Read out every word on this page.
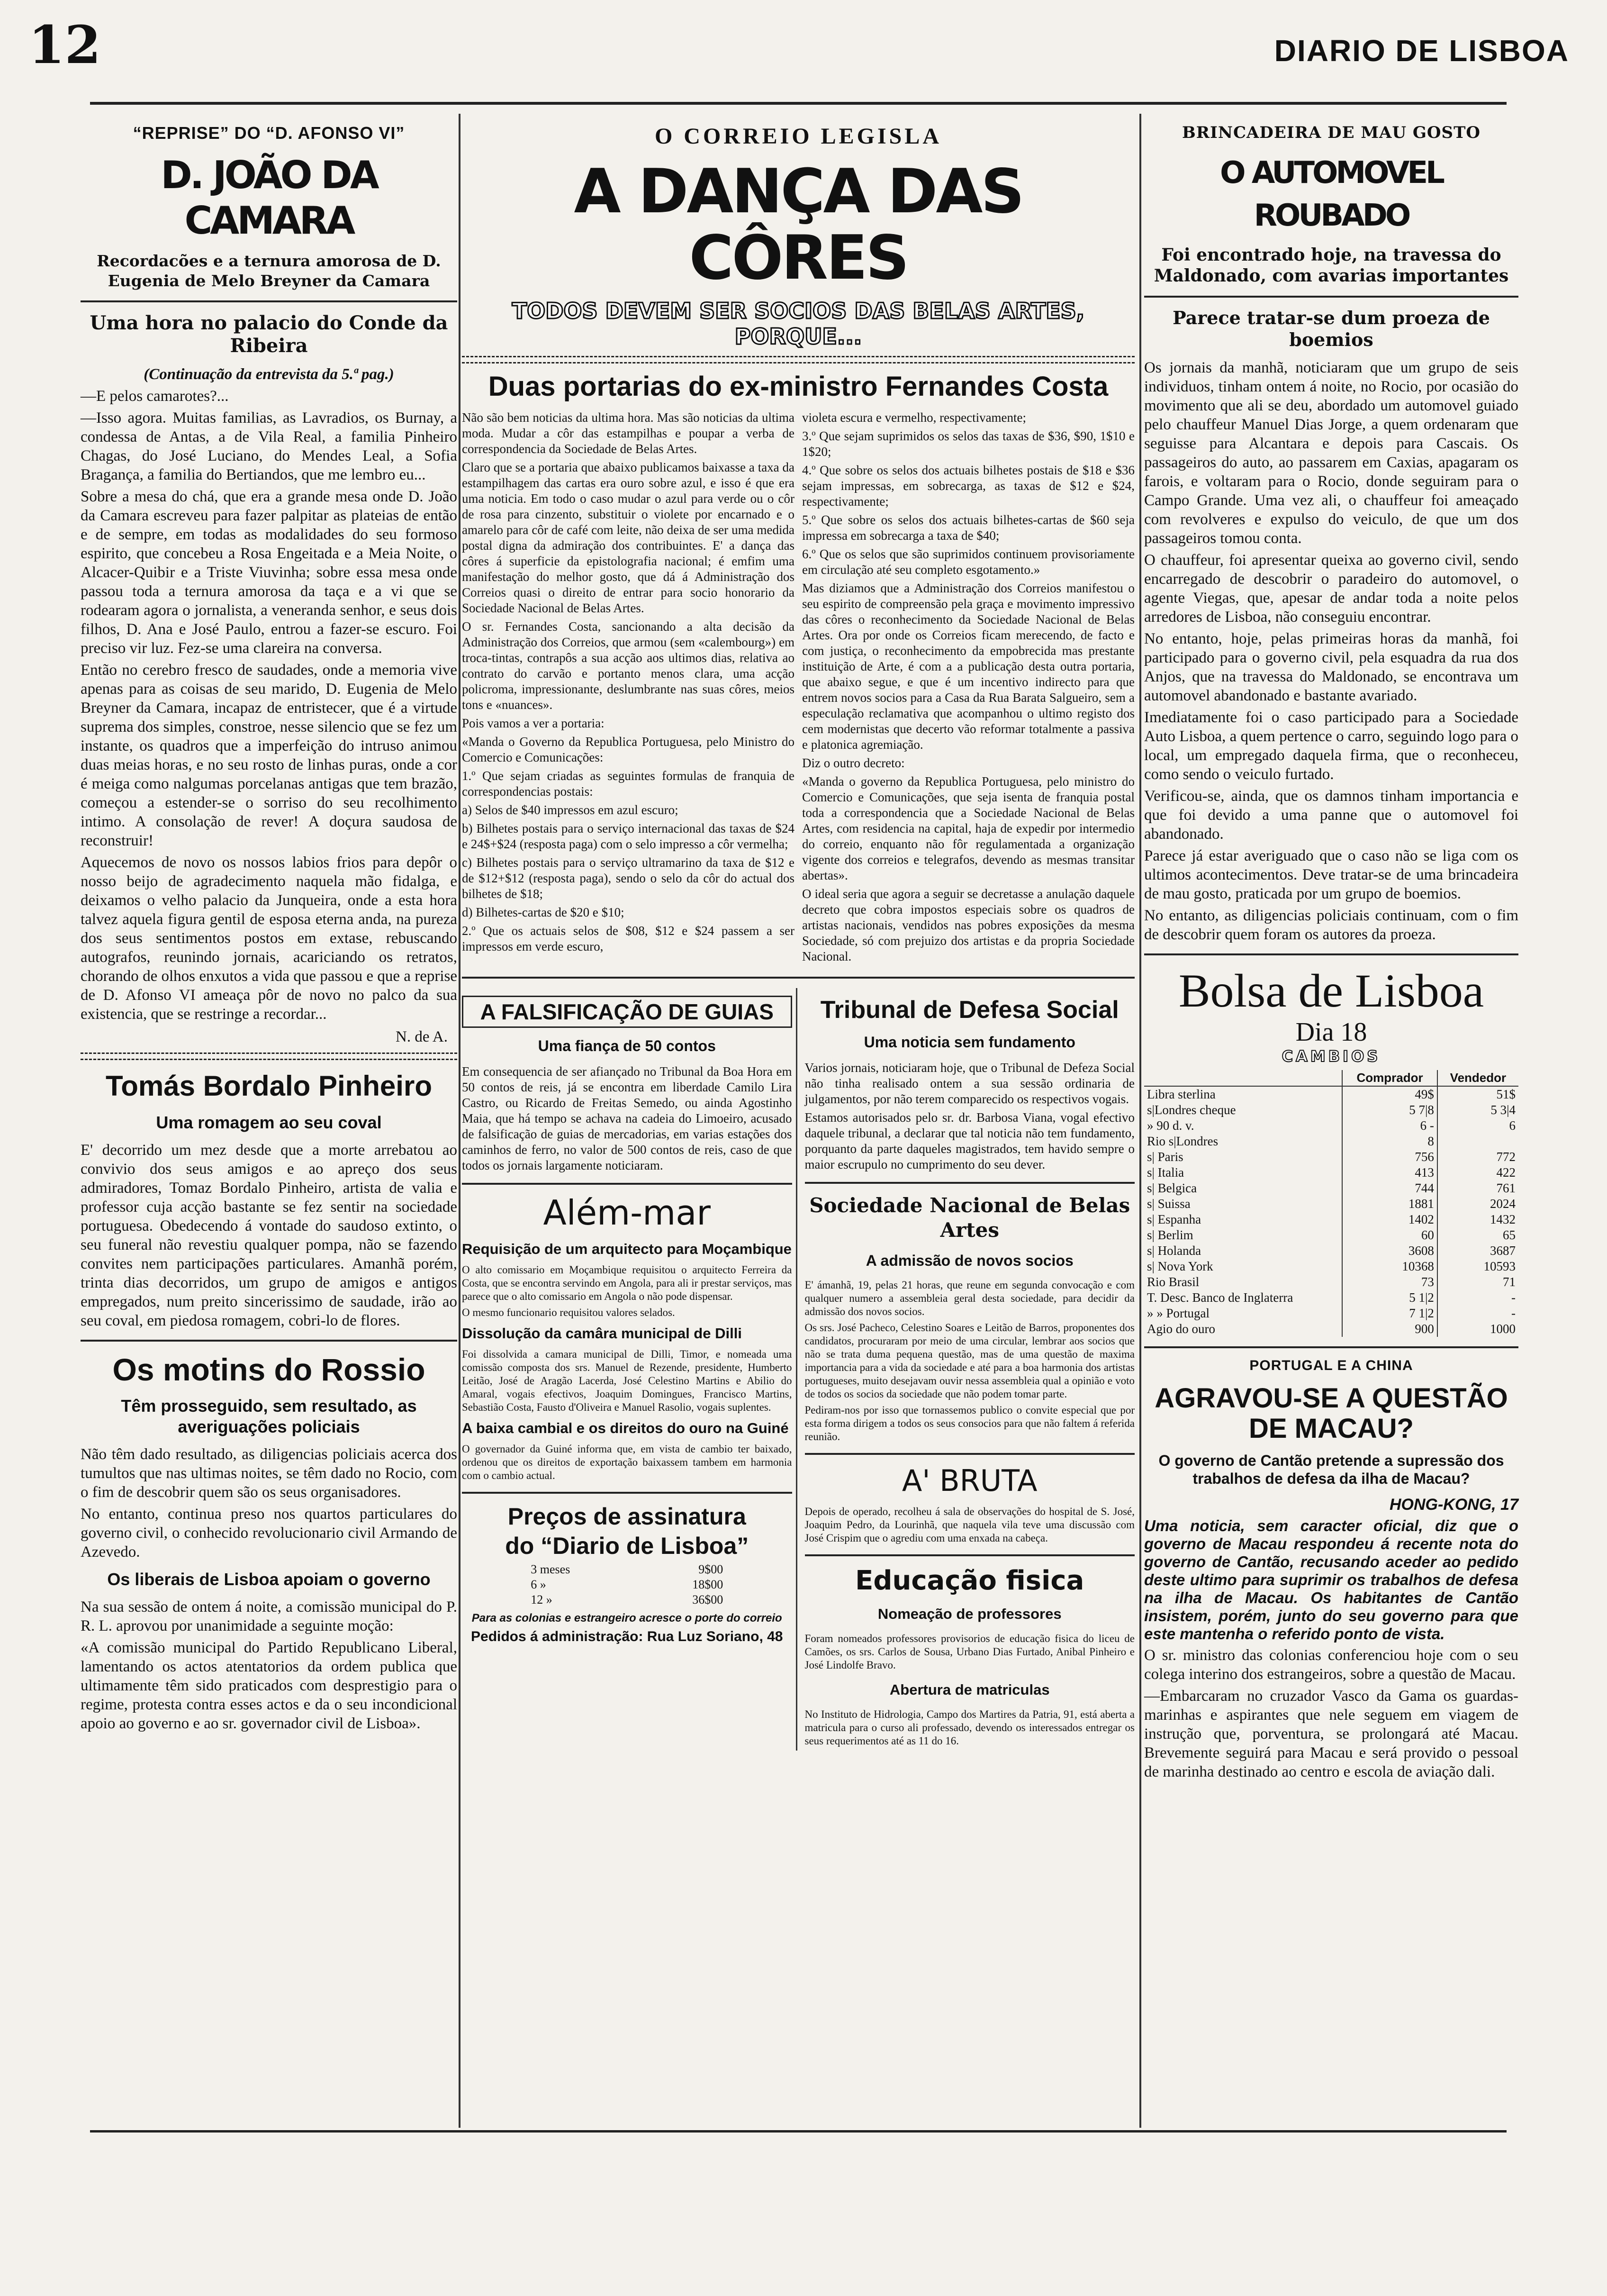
12	DIARIO DE LISBOA
“REPRISE” DO “D. AFONSO VI”
D. JOÃO DA CAMARA
Recordacões e a ternura amorosa de D. Eugenia de Melo Breyner da Camara
Uma hora no palacio do Conde da Ribeira

(Continuação da entrevista da 5.ª pag.)

—E pelos camarotes?...

—Isso agora. Muitas familias, as Lavradios, os Burnay, a condessa de Antas, a de Vila Real, a familia Pinheiro Chagas, do José Luciano, do Mendes Leal, a Sofia Bragança, a familia do Bertiandos, que me lembro eu...

Sobre a mesa do chá, que era a grande mesa onde D. João da Camara escreveu para fazer palpitar as plateias de então e de sempre, em todas as modalidades do seu formoso espirito, que concebeu a Rosa Engeitada e a Meia Noite, o Alcacer-Quibir e a Triste Viuvinha; sobre essa mesa onde passou toda a ternura amorosa da taça e a vi que se rodearam agora o jornalista, a veneranda senhor, e seus dois filhos, D. Ana e José Paulo, entrou a fazer-se escuro. Foi preciso vir luz. Fez-se uma clareira na conversa.

Então no cerebro fresco de saudades, onde a memoria vive apenas para as coisas de seu marido, D. Eugenia de Melo Breyner da Camara, incapaz de entristecer, que é a virtude suprema dos simples, constroe, nesse silencio que se fez um instante, os quadros que a imperfeição do intruso animou duas meias horas, e no seu rosto de linhas puras, onde a cor é meiga como nalgumas porcelanas antigas que tem brazão, começou a estender-se o sorriso do seu recolhimento intimo. A consolação de rever! A doçura saudosa de reconstruir!

Aquecemos de novo os nossos labios frios para depôr o nosso beijo de agradecimento naquela mão fidalga, e deixamos o velho palacio da Junqueira, onde a esta hora talvez aquela figura gentil de esposa eterna anda, na pureza dos seus sentimentos postos em extase, rebuscando autografos, reunindo jornais, acariciando os retratos, chorando de olhos enxutos a vida que passou e que a reprise de D. Afonso VI ameaça pôr de novo no palco da sua existencia, que se restringe a recordar...

N. de A.
Tomás Bordalo Pinheiro
Uma romagem ao seu coval

E' decorrido um mez desde que a morte arrebatou ao convivio dos seus amigos e ao apreço dos seus admiradores, Tomaz Bordalo Pinheiro, artista de valia e professor cuja acção bastante se fez sentir na sociedade portuguesa. Obedecendo á vontade do saudoso extinto, o seu funeral não revestiu qualquer pompa, não se fazendo convites nem participações particulares. Amanhã porém, trinta dias decorridos, um grupo de amigos e antigos empregados, num preito sincerissimo de saudade, irão ao seu coval, em piedosa romagem, cobri-lo de flores.

Os motins do Rossio
Têm prosseguido, sem resultado, as averiguações policiais

Não têm dado resultado, as diligencias policiais acerca dos tumultos que nas ultimas noites, se têm dado no Rocio, com o fim de descobrir quem são os seus organisadores.

No entanto, continua preso nos quartos particulares do governo civil, o conhecido revolucionario civil Armando de Azevedo.

Os liberais de Lisboa apoiam o governo

Na sua sessão de ontem á noite, a comissão municipal do P. R. L. aprovou por unanimidade a seguinte moção:

«A comissão municipal do Partido Republicano Liberal, lamentando os actos atentatorios da ordem publica que ultimamente têm sido praticados com desprestigio para o regime, protesta contra esses actos e da o seu incondicional apoio ao governo e ao sr. governador civil de Lisboa».

O CORREIO LEGISLA
A DANÇA DAS CÔRES
TODOS DEVEM SER SOCIOS DAS BELAS ARTES, PORQUE...
Duas portarias do ex-ministro Fernandes Costa

Não são bem noticias da ultima hora. Mas são noticias da ultima moda. Mudar a côr das estampilhas e poupar a verba de correspondencia da Sociedade de Belas Artes.

Claro que se a portaria que abaixo publicamos baixasse a taxa da estampilhagem das cartas era ouro sobre azul, e isso é que era uma noticia. Em todo o caso mudar o azul para verde ou o côr de rosa para cinzento, substituir o violete por encarnado e o amarelo para côr de café com leite, não deixa de ser uma medida postal digna da admiração dos contribuintes. E' a dança das côres á superficie da epistolografia nacional; é emfim uma manifestação do melhor gosto, que dá á Administração dos Correios quasi o direito de entrar para socio honorario da Sociedade Nacional de Belas Artes.

O sr. Fernandes Costa, sancionando a alta decisão da Administração dos Correios, que armou (sem «calembourg») em troca-tintas, contrapôs a sua acção aos ultimos dias, relativa ao contrato do carvão e portanto menos clara, uma acção policroma, impressionante, deslumbrante nas suas côres, meios tons e «nuances».

Pois vamos a ver a portaria:

«Manda o Governo da Republica Portuguesa, pelo Ministro do Comercio e Comunicações:

1.º Que sejam criadas as seguintes formulas de franquia de correspondencias postais:

a) Selos de $40 impressos em azul escuro;

b) Bilhetes postais para o serviço internacional das taxas de $24 e 24$+$24 (resposta paga) com o selo impresso a côr vermelha;

c) Bilhetes postais para o serviço ultramarino da taxa de $12 e de $12+$12 (resposta paga), sendo o selo da côr do actual dos bilhetes de $18;

d) Bilhetes-cartas de $20 e $10;

2.º Que os actuais selos de $08, $12 e $24 passem a ser impressos em verde escuro,

violeta escura e vermelho, respectivamente;

3.º Que sejam suprimidos os selos das taxas de $36, $90, 1$10 e 1$20;

4.º Que sobre os selos dos actuais bilhetes postais de $18 e $36 sejam impressas, em sobrecarga, as taxas de $12 e $24, respectivamente;

5.º Que sobre os selos dos actuais bilhetes-cartas de $60 seja impressa em sobrecarga a taxa de $40;

6.º Que os selos que são suprimidos continuem provisoriamente em circulação até seu completo esgotamento.»

Mas diziamos que a Administração dos Correios manifestou o seu espirito de compreensão pela graça e movimento impressivo das côres o reconhecimento da Sociedade Nacional de Belas Artes. Ora por onde os Correios ficam merecendo, de facto e com justiça, o reconhecimento da empobrecida mas prestante instituição de Arte, é com a a publicação desta outra portaria, que abaixo segue, e que é um incentivo indirecto para que entrem novos socios para a Casa da Rua Barata Salgueiro, sem a especulação reclamativa que acompanhou o ultimo registo dos cem modernistas que decerto vão reformar totalmente a passiva e platonica agremiação.

Diz o outro decreto:

«Manda o governo da Republica Portuguesa, pelo ministro do Comercio e Comunicações, que seja isenta de franquia postal toda a correspondencia que a Sociedade Nacional de Belas Artes, com residencia na capital, haja de expedir por intermedio do correio, enquanto não fôr regulamentada a organização vigente dos correios e telegrafos, devendo as mesmas transitar abertas».

O ideal seria que agora a seguir se decretasse a anulação daquele decreto que cobra impostos especiais sobre os quadros de artistas nacionais, vendidos nas pobres exposições da mesma Sociedade, só com prejuizo dos artistas e da propria Sociedade Nacional.

A FALSIFICAÇÃO DE GUIAS
Uma fiança de 50 contos

Em consequencia de ser afiançado no Tribunal da Boa Hora em 50 contos de reis, já se encontra em liberdade Camilo Lira Castro, ou Ricardo de Freitas Semedo, ou ainda Agostinho Maia, que há tempo se achava na cadeia do Limoeiro, acusado de falsificação de guias de mercadorias, em varias estações dos caminhos de ferro, no valor de 500 contos de reis, caso de que todos os jornais largamente noticiaram.

Além-mar
Requisição de um arquitecto para Moçambique

O alto comissario em Moçambique requisitou o arquitecto Ferreira da Costa, que se encontra servindo em Angola, para ali ir prestar serviços, mas parece que o alto comissario em Angola o não pode dispensar.

O mesmo funcionario requisitou valores selados.

Dissolução da camâra municipal de Dilli

Foi dissolvida a camara municipal de Dilli, Timor, e nomeada uma comissão composta dos srs. Manuel de Rezende, presidente, Humberto Leitão, José de Aragão Lacerda, José Celestino Martins e Abilio do Amaral, vogais efectivos, Joaquim Domingues, Francisco Martins, Sebastião Costa, Fausto d'Oliveira e Manuel Rasolio, vogais suplentes.

A baixa cambial e os direitos do ouro na Guiné

O governador da Guiné informa que, em vista de cambio ter baixado, ordenou que os direitos de exportação baixassem tambem em harmonia com o cambio actual.

Preços de assinatura
do “Diario de Lisboa”
3 meses	9$00
6 »	18$00
12 »	36$00

Para as colonias e estrangeiro acresce o porte do correio

Pedidos á administração: Rua Luz Soriano, 48

Tribunal de Defesa Social
Uma noticia sem fundamento

Varios jornais, noticiaram hoje, que o Tribunal de Defeza Social não tinha realisado ontem a sua sessão ordinaria de julgamentos, por não terem comparecido os respectivos vogais.

Estamos autorisados pelo sr. dr. Barbosa Viana, vogal efectivo daquele tribunal, a declarar que tal noticia não tem fundamento, porquanto da parte daqueles magistrados, tem havido sempre o maior escrupulo no cumprimento do seu dever.

Sociedade Nacional de Belas Artes
A admissão de novos socios

E' ámanhã, 19, pelas 21 horas, que reune em segunda convocação e com qualquer numero a assembleia geral desta sociedade, para decidir da admissão dos novos socios.

Os srs. José Pacheco, Celestino Soares e Leitão de Barros, proponentes dos candidatos, procuraram por meio de uma circular, lembrar aos socios que não se trata duma pequena questão, mas de uma questão de maxima importancia para a vida da sociedade e até para a boa harmonia dos artistas portugueses, muito desejavam ouvir nessa assembleia qual a opinião e voto de todos os socios da sociedade que não podem tomar parte.

Pediram-nos por isso que tornassemos publico o convite especial que por esta forma dirigem a todos os seus consocios para que não faltem á referida reunião.

A' BRUTA

Depois de operado, recolheu á sala de observações do hospital de S. José, Joaquim Pedro, da Lourinhã, que naquela vila teve uma discussão com José Crispim que o agrediu com uma enxada na cabeça.

Educação fisica
Nomeação de professores

Foram nomeados professores provisorios de educação fisica do liceu de Camões, os srs. Carlos de Sousa, Urbano Dias Furtado, Anibal Pinheiro e José Lindolfe Bravo.

Abertura de matriculas

No Instituto de Hidrologia, Campo dos Martires da Patria, 91, está aberta a matricula para o curso ali professado, devendo os interessados entregar os seus requerimentos até as 11 do 16.

BRINCADEIRA DE MAU GOSTO
O AUTOMOVEL ROUBADO
Foi encontrado hoje, na travessa do Maldonado, com avarias importantes
Parece tratar-se dum proeza de boemios

Os jornais da manhã, noticiaram que um grupo de seis individuos, tinham ontem á noite, no Rocio, por ocasião do movimento que ali se deu, abordado um automovel guiado pelo chauffeur Manuel Dias Jorge, a quem ordenaram que seguisse para Alcantara e depois para Cascais. Os passageiros do auto, ao passarem em Caxias, apagaram os farois, e voltaram para o Rocio, donde seguiram para o Campo Grande. Uma vez ali, o chauffeur foi ameaçado com revolveres e expulso do veiculo, de que um dos passageiros tomou conta.

O chauffeur, foi apresentar queixa ao governo civil, sendo encarregado de descobrir o paradeiro do automovel, o agente Viegas, que, apesar de andar toda a noite pelos arredores de Lisboa, não conseguiu encontrar.

No entanto, hoje, pelas primeiras horas da manhã, foi participado para o governo civil, pela esquadra da rua dos Anjos, que na travessa do Maldonado, se encontrava um automovel abandonado e bastante avariado.

Imediatamente foi o caso participado para a Sociedade Auto Lisboa, a quem pertence o carro, seguindo logo para o local, um empregado daquela firma, que o reconheceu, como sendo o veiculo furtado.

Verificou-se, ainda, que os damnos tinham importancia e que foi devido a uma panne que o automovel foi abandonado.

Parece já estar averiguado que o caso não se liga com os ultimos acontecimentos. Deve tratar-se de uma brincadeira de mau gosto, praticada por um grupo de boemios.

No entanto, as diligencias policiais continuam, com o fim de descobrir quem foram os autores da proeza.

Bolsa de Lisboa
Dia 18
CAMBIOS
	Comprador	Vendedor
Libra sterlina	49$	51$
s|Londres cheque	5 7|8	5 3|4
» 90 d. v.	6 -	6
Rio s|Londres	8	
s| Paris	756	772
s| Italia	413	422
s| Belgica	744	761
s| Suissa	1881	2024
s| Espanha	1402	1432
s| Berlim	60	65
s| Holanda	3608	3687
s| Nova York	10368	10593
Rio Brasil	73	71
T. Desc. Banco de Inglaterra	5 1|2	-
» » Portugal	7 1|2	-
Agio do ouro	900	1000
PORTUGAL E A CHINA
AGRAVOU-SE A QUESTÃO DE MACAU?
O governo de Cantão pretende a supressão dos trabalhos de defesa da ilha de Macau?

HONG-KONG, 17

Uma noticia, sem caracter oficial, diz que o governo de Macau respondeu á recente nota do governo de Cantão, recusando aceder ao pedido deste ultimo para suprimir os trabalhos de defesa na ilha de Macau. Os habitantes de Cantão insistem, porém, junto do seu governo para que este mantenha o referido ponto de vista.

O sr. ministro das colonias conferenciou hoje com o seu colega interino dos estrangeiros, sobre a questão de Macau.

—Embarcaram no cruzador Vasco da Gama os guardas-marinhas e aspirantes que nele seguem em viagem de instrução que, porventura, se prolongará até Macau. Brevemente seguirá para Macau e será provido o pessoal de marinha destinado ao centro e escola de aviação dali.
